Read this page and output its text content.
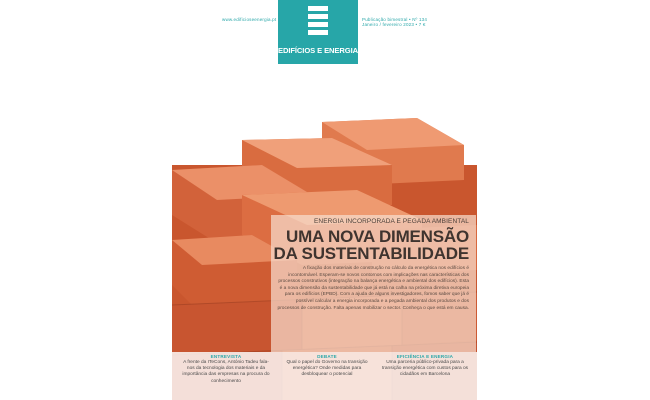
www.edificioseenergia.pt
EDIFÍCIOS E ENERGIA
Publicação bimestral • Nº 134
Janeiro / fevereiro 2023 • 7 €
ENERGIA INCORPORADA E PEGADA AMBIENTAL
UMA NOVA DIMENSÃO
DA SUSTENTABILIDADE
A fixação dos materiais de construção no cálculo da energética nos edifícios é incontornável. Esperam-se novos contornos com implicações nas características dos processos construtivos (integração na balança energética e ambiental dos edifícios). Esta é a nova dimensão da sustentabilidade que já está na calha na próxima diretiva europeia para os edifícios (EPBD). Com a ajuda de alguns investigadores, fomos saber que já é possível calcular a energia incorporada e a pegada ambiental dos produtos e dos processos de construção. Falta apenas mobilizar o sector. Conheça o que está em causa.
ENTREVISTA
A frente da ITeCons, António Tadeu fala-nos da tecnologia dos materiais e da importância das empresas na procura do conhecimento
DEBATE
Qual o papel do Governo na transição energética? Onde medidas para desbloquear o potencial
EFICIÊNCIA E ENERGIA
Uma parceria público-privada para a transição energética com custos para os cidadãos em Barcelona
